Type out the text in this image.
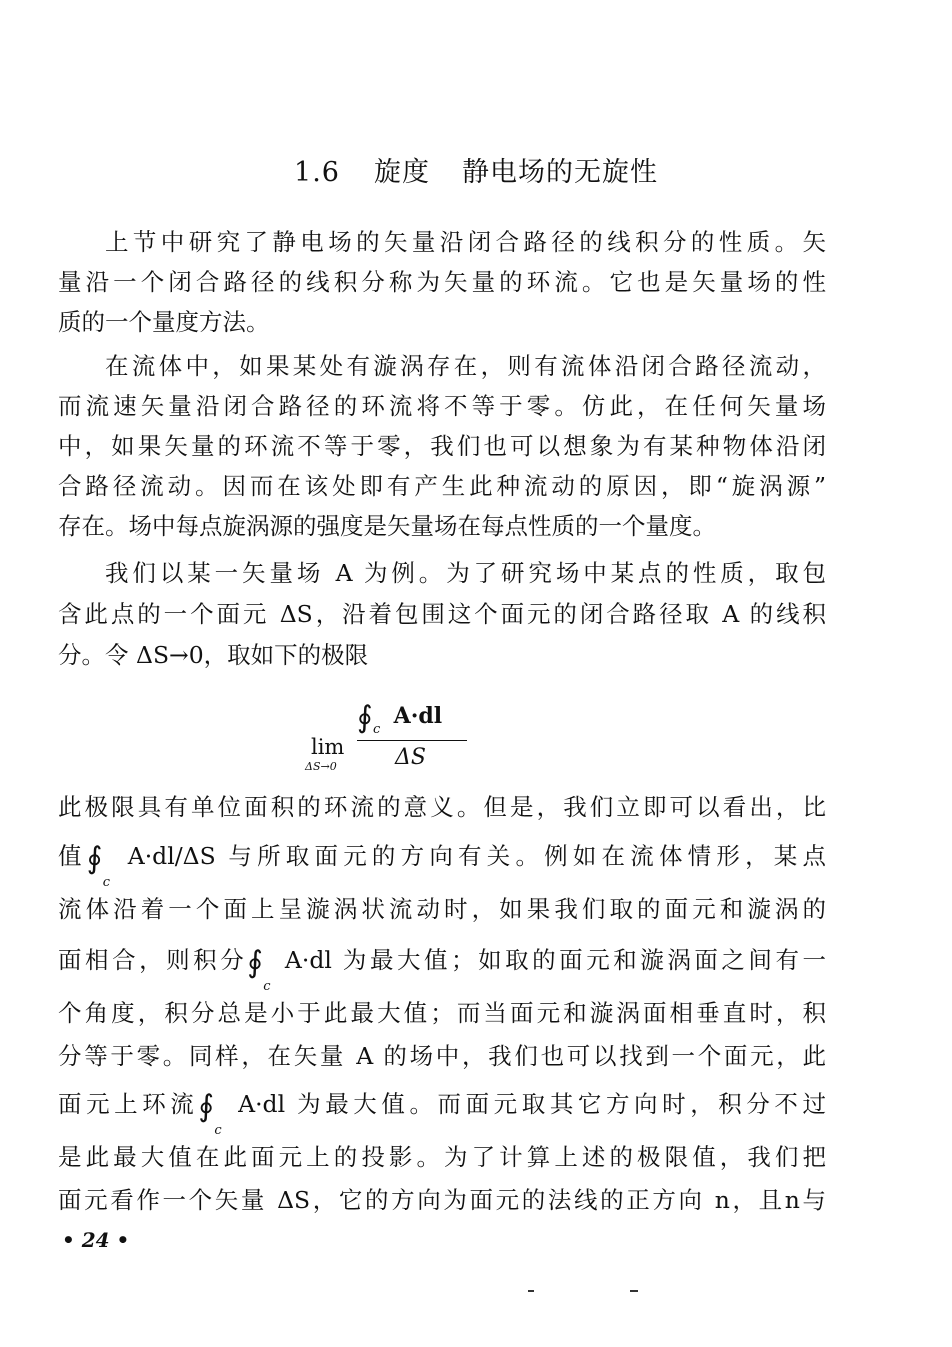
1.6 旋度 静电场的无旋性
上节中研究了静电场的矢量沿闭合路径的线积分的性质。矢
量沿一个闭合路径的线积分称为矢量的环流。它也是矢量场的性
质的一个量度方法。
在流体中，如果某处有漩涡存在，则有流体沿闭合路径流动，
而流速矢量沿闭合路径的环流将不等于零。仿此，在任何矢量场
中，如果矢量的环流不等于零，我们也可以想象为有某种物体沿闭
合路径流动。因而在该处即有产生此种流动的原因，即“旋涡源”
存在。场中每点旋涡源的强度是矢量场在每点性质的一个量度。
我们以某一矢量场 A 为例。为了研究场中某点的性质，取包
含此点的一个面元 ΔS，沿着包围这个面元的闭合路径取 A 的线积
分。令 ΔS→0，取如下的极限
lim
ΔS→0
∮ c
A·dl
ΔS
此极限具有单位面积的环流的意义。但是，我们立即可以看出，比
值∮
c
A·dl/ΔS 与所取面元的方向有关。例如在流体情形，某点
流体沿着一个面上呈漩涡状流动时，如果我们取的面元和漩涡的
面相合，则积分∮
c
A·dl 为最大值；如取的面元和漩涡面之间有一
个角度，积分总是小于此最大值；而当面元和漩涡面相垂直时，积
分等于零。同样，在矢量 A 的场中，我们也可以找到一个面元，此
面元上环流∮
c
A·dl 为最大值。而面元取其它方向时，积分不过
是此最大值在此面元上的投影。为了计算上述的极限值，我们把
面元看作一个矢量 ΔS，它的方向为面元的法线的正方向 n，且n与
• 24 •
